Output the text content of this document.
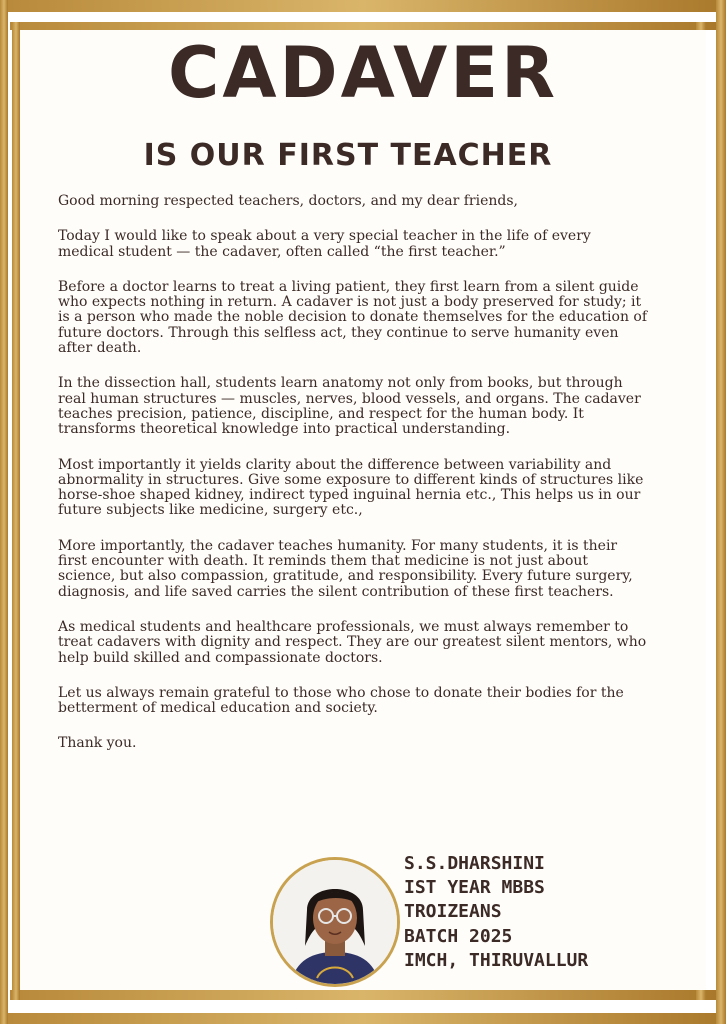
CADAVER
IS OUR FIRST TEACHER

Good morning respected teachers, doctors, and my dear friends,

Today I would like to speak about a very special teacher in the life of every medical student — the cadaver, often called “the first teacher.”

Before a doctor learns to treat a living patient, they first learn from a silent guide who expects nothing in return. A cadaver is not just a body preserved for study; it is a person who made the noble decision to donate themselves for the education of future doctors. Through this selfless act, they continue to serve humanity even after death.

In the dissection hall, students learn anatomy not only from books, but through real human structures — muscles, nerves, blood vessels, and organs. The cadaver teaches precision, patience, discipline, and respect for the human body. It transforms theoretical knowledge into practical understanding.

Most importantly it yields clarity about the difference between variability and abnormality in structures. Give some exposure to different kinds of structures like horse-shoe shaped kidney, indirect typed inguinal hernia etc., This helps us in our future subjects like medicine, surgery etc.,

More importantly, the cadaver teaches humanity. For many students, it is their first encounter with death. It reminds them that medicine is not just about science, but also compassion, gratitude, and responsibility. Every future surgery, diagnosis, and life saved carries the silent contribution of these first teachers.

As medical students and healthcare professionals, we must always remember to treat cadavers with dignity and respect. They are our greatest silent mentors, who help build skilled and compassionate doctors.

Let us always remain grateful to those who chose to donate their bodies for the betterment of medical education and society.

Thank you.

S.S.DHARSHINI
IST YEAR MBBS
TROIZEANS
BATCH 2025
IMCH, THIRUVALLUR
